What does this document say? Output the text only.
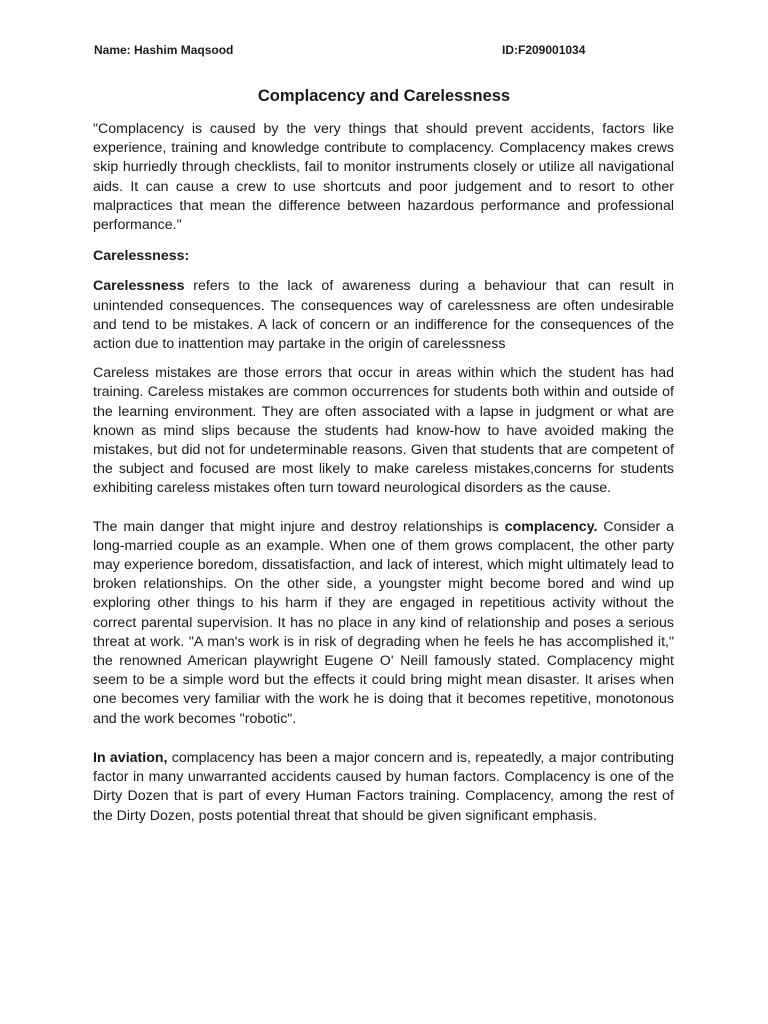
Name: Hashim Maqsood	ID:F209001034
Complacency and Carelessness

"Complacency is caused by the very things that should prevent accidents, factors like experience, training and knowledge contribute to complacency. Complacency makes crews skip hurriedly through checklists, fail to monitor instruments closely or utilize all navigational aids. It can cause a crew to use shortcuts and poor judgement and to resort to other malpractices that mean the difference between hazardous performance and professional performance."

Carelessness:

Carelessness refers to the lack of awareness during a behaviour that can result in unintended consequences. The consequences way of carelessness are often undesirable and tend to be mistakes. A lack of concern or an indifference for the consequences of the action due to inattention may partake in the origin of carelessness

Careless mistakes are those errors that occur in areas within which the student has had training. Careless mistakes are common occurrences for students both within and outside of the learning environment. They are often associated with a lapse in judgment or what are known as mind slips because the students had know-how to have avoided making the mistakes, but did not for undeterminable reasons. Given that students that are competent of the subject and focused are most likely to make careless mistakes,concerns for students exhibiting careless mistakes often turn toward neurological disorders as the cause.

The main danger that might injure and destroy relationships is complacency. Consider a long-married couple as an example. When one of them grows complacent, the other party may experience boredom, dissatisfaction, and lack of interest, which might ultimately lead to broken relationships. On the other side, a youngster might become bored and wind up exploring other things to his harm if they are engaged in repetitious activity without the correct parental supervision. It has no place in any kind of relationship and poses a serious threat at work. "A man's work is in risk of degrading when he feels he has accomplished it," the renowned American playwright Eugene O' Neill famously stated. Complacency might seem to be a simple word but the effects it could bring might mean disaster. It arises when one becomes very familiar with the work he is doing that it becomes repetitive, monotonous and the work becomes "robotic".

In aviation, complacency has been a major concern and is, repeatedly, a major contributing factor in many unwarranted accidents caused by human factors. Complacency is one of the Dirty Dozen that is part of every Human Factors training. Complacency, among the rest of the Dirty Dozen, posts potential threat that should be given significant emphasis.
